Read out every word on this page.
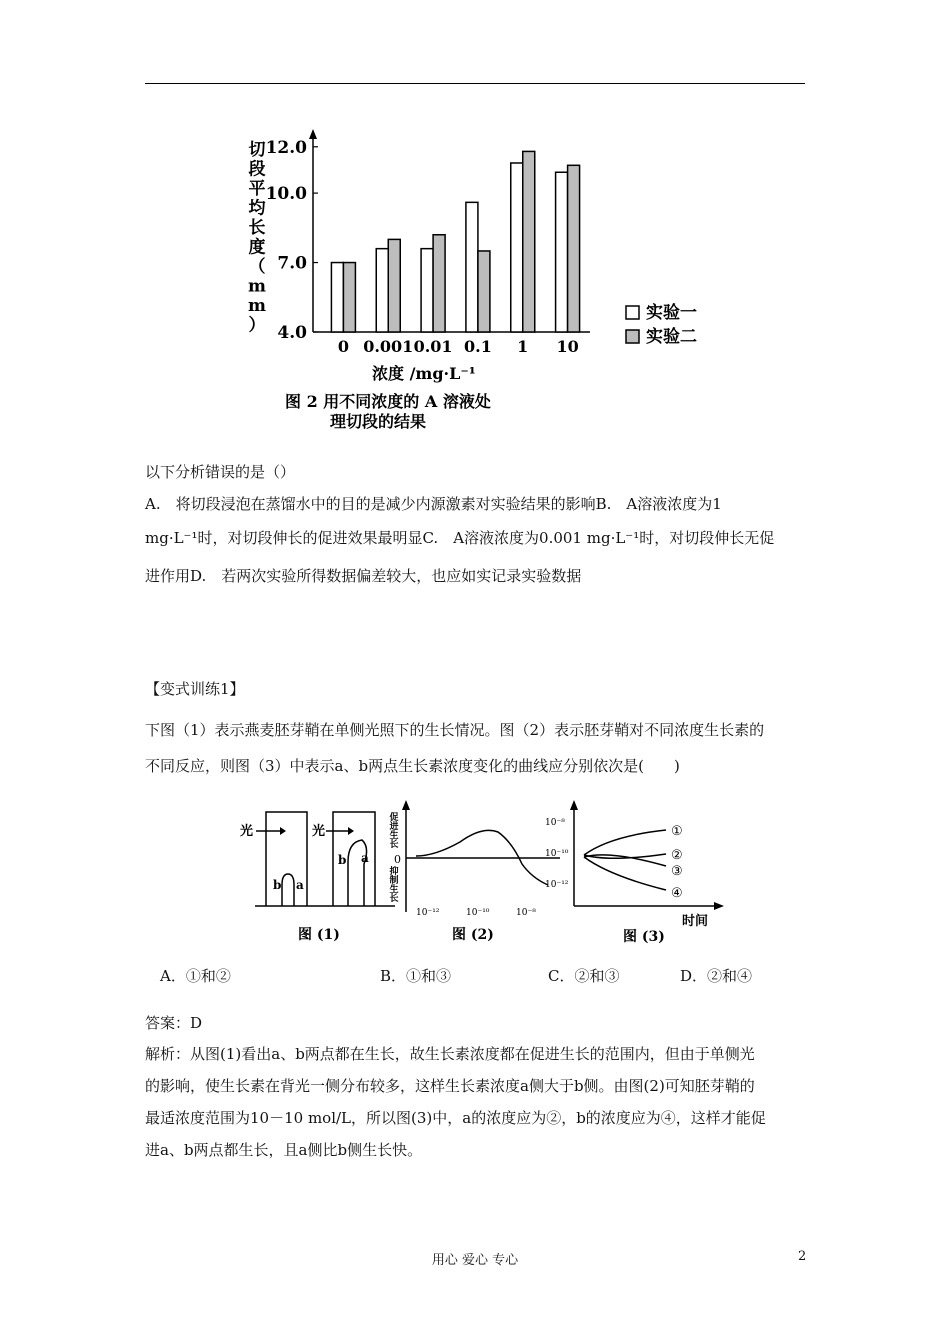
切
段
平
均
长
度
（
m
m
） 4.0
7.0
10.0
12.0
0 0.001 0.01 0.1 1 10
实验一
实验二
浓度 /mg·L⁻¹
图 2 用不同浓度的 A 溶液处
理切段的结果
以下分析错误的是（）
A.　将切段浸泡在蒸馏水中的目的是减少内源激素对实验结果的影响B.　A溶液浓度为1
mg·L⁻¹时，对切段伸长的促进效果最明显C.　A溶液浓度为0.001 mg·L⁻¹时，对切段伸长无促
进作用D.　若两次实验所得数据偏差较大，也应如实记录实验数据
【变式训练1】
下图（1）表示燕麦胚芽鞘在单侧光照下的生长情况。图（2）表示胚芽鞘对不同浓度生长素的
不同反应，则图（3）中表示a、b两点生长素浓度变化的曲线应分别依次是(　　)
光	光
b a
b a
图 (1)
促
进
生
长
0
抑
制
生
长
10⁻¹²	10⁻¹⁰	10⁻⁸
图 (2)
10⁻⁸
10⁻¹⁰
10⁻¹²
①
②
③
④
时间
图 (3)
A．①和②	B．①和③	C．②和③	D．②和④
答案：D
解析：从图(1)看出a、b两点都在生长，故生长素浓度都在促进生长的范围内，但由于单侧光
的影响，使生长素在背光一侧分布较多，这样生长素浓度a侧大于b侧。由图(2)可知胚芽鞘的
最适浓度范围为10－10 mol/L，所以图(3)中，a的浓度应为②，b的浓度应为④，这样才能促
进a、b两点都生长，且a侧比b侧生长快。
用心 爱心 专心	2
